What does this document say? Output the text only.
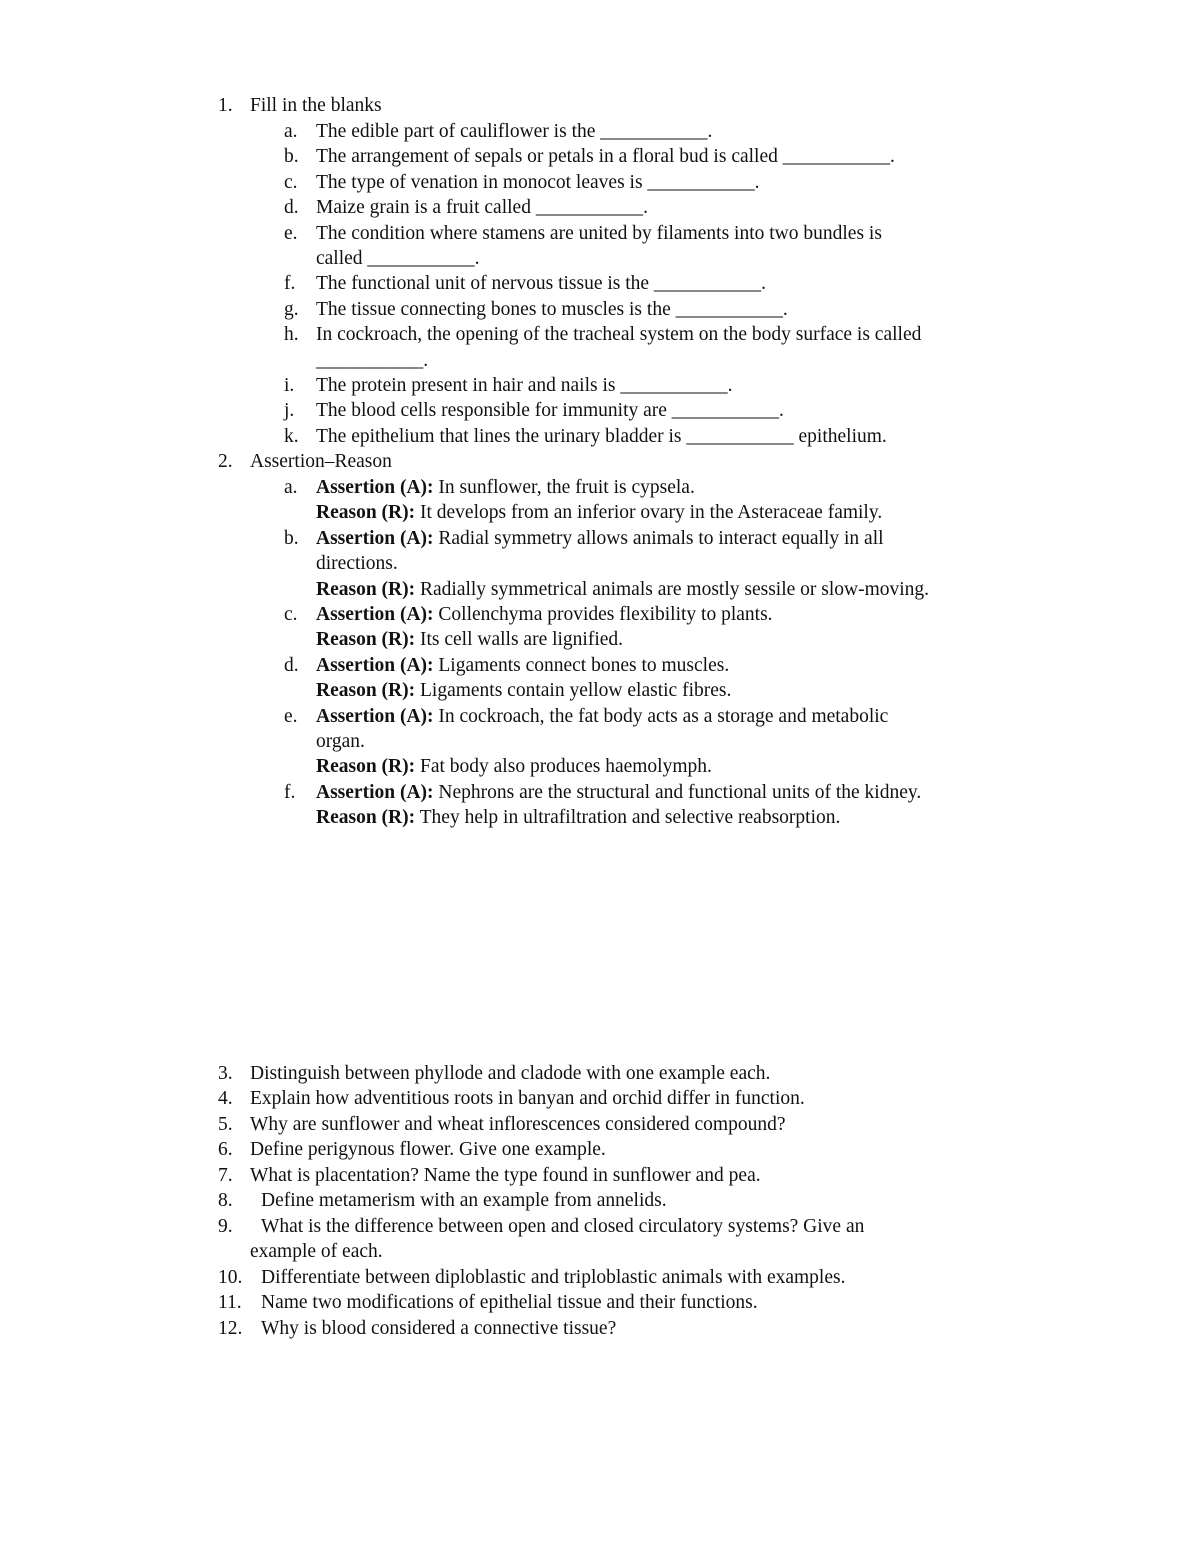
1. Fill in the blanks
a. The edible part of cauliflower is the ___________.
b. The arrangement of sepals or petals in a floral bud is called ___________.
c. The type of venation in monocot leaves is ___________.
d. Maize grain is a fruit called ___________.
e. The condition where stamens are united by filaments into two bundles is
called ___________.
f. The functional unit of nervous tissue is the ___________.
g. The tissue connecting bones to muscles is the ___________.
h. In cockroach, the opening of the tracheal system on the body surface is called
___________.
i. The protein present in hair and nails is ___________.
j. The blood cells responsible for immunity are ___________.
k. The epithelium that lines the urinary bladder is ___________ epithelium.
2. Assertion–Reason
a. Assertion (A): In sunflower, the fruit is cypsela.
Reason (R): It develops from an inferior ovary in the Asteraceae family.
b. Assertion (A): Radial symmetry allows animals to interact equally in all
directions.
Reason (R): Radially symmetrical animals are mostly sessile or slow-moving.
c. Assertion (A): Collenchyma provides flexibility to plants.
Reason (R): Its cell walls are lignified.
d. Assertion (A): Ligaments connect bones to muscles.
Reason (R): Ligaments contain yellow elastic fibres.
e. Assertion (A): In cockroach, the fat body acts as a storage and metabolic
organ.
Reason (R): Fat body also produces haemolymph.
f. Assertion (A): Nephrons are the structural and functional units of the kidney.
Reason (R): They help in ultrafiltration and selective reabsorption.
3. Distinguish between phyllode and cladode with one example each.
4. Explain how adventitious roots in banyan and orchid differ in function.
5. Why are sunflower and wheat inflorescences considered compound?
6. Define perigynous flower. Give one example.
7. What is placentation? Name the type found in sunflower and pea.
8. Define metamerism with an example from annelids.
9. What is the difference between open and closed circulatory systems? Give an
example of each.
10. Differentiate between diploblastic and triploblastic animals with examples.
11. Name two modifications of epithelial tissue and their functions.
12. Why is blood considered a connective tissue?
